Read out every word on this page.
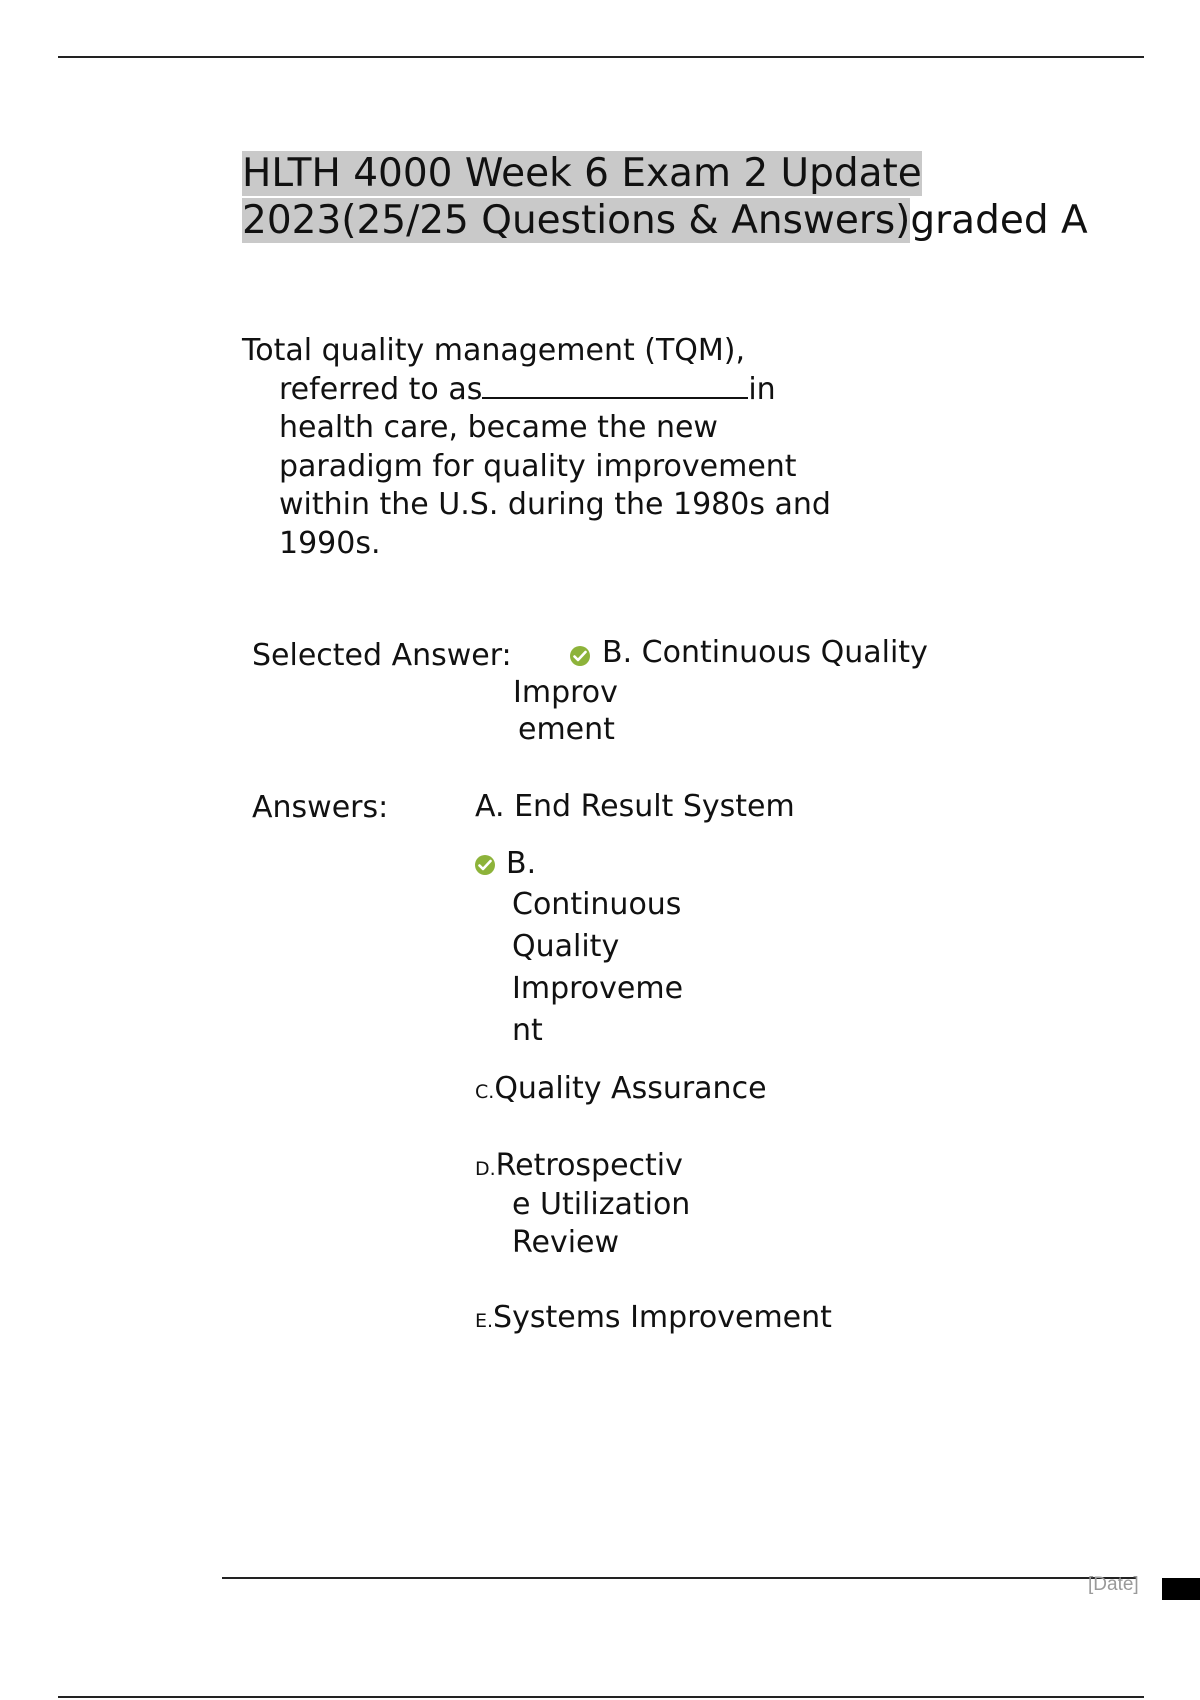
HLTH 4000 Week 6 Exam 2 Update
2023(25/25 Questions & Answers)graded A
Total quality management (TQM),
referred to as	in
health care, became the new
paradigm for quality improvement
within the U.S. during the 1980s and
1990s.
Selected Answer:	B. Continuous Quality
Improv
ement
Answers:	A. End Result System
B.
Continuous
Quality
Improveme
nt
C.Quality Assurance
D.Retrospectiv
e Utilization
Review
E.Systems Improvement
[Date]
